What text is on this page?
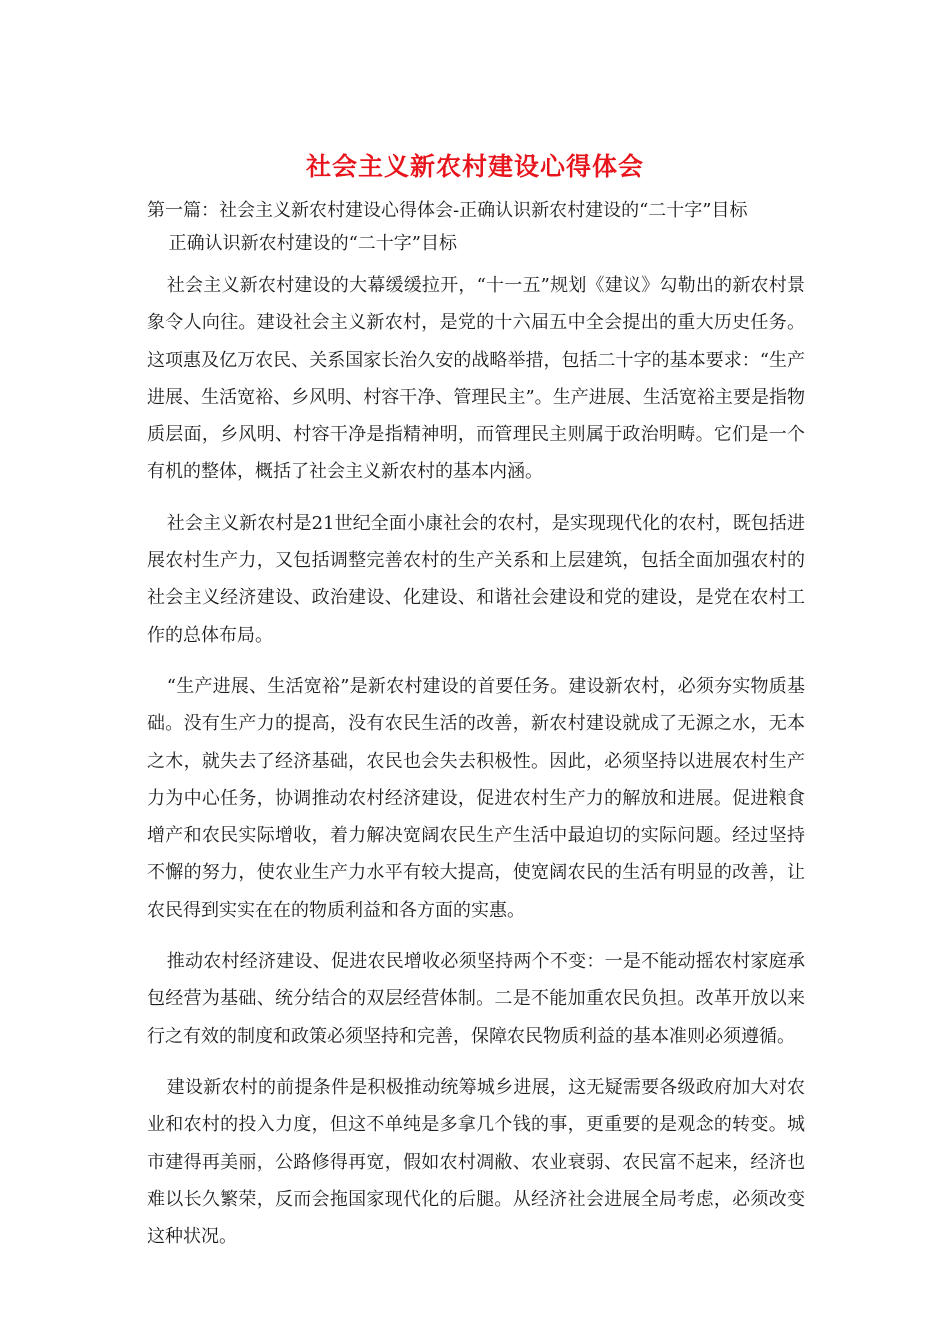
社会主义新农村建设心得体会

第一篇：社会主义新农村建设心得体会-正确认识新农村建设的“二十字”目标

正确认识新农村建设的“二十字”目标

社会主义新农村建设的大幕缓缓拉开，“十一五”规划《建议》勾勒出的新农村景象令人向往。建设社会主义新农村，是党的十六届五中全会提出的重大历史任务。这项惠及亿万农民、关系国家长治久安的战略举措，包括二十字的基本要求：“生产进展、生活宽裕、乡风明、村容干净、管理民主”。生产进展、生活宽裕主要是指物质层面，乡风明、村容干净是指精神明，而管理民主则属于政治明畴。它们是一个有机的整体，概括了社会主义新农村的基本内涵。

社会主义新农村是21世纪全面小康社会的农村，是实现现代化的农村，既包括进展农村生产力，又包括调整完善农村的生产关系和上层建筑，包括全面加强农村的社会主义经济建设、政治建设、化建设、和谐社会建设和党的建设，是党在农村工作的总体布局。

“生产进展、生活宽裕”是新农村建设的首要任务。建设新农村，必须夯实物质基础。没有生产力的提高，没有农民生活的改善，新农村建设就成了无源之水，无本之木，就失去了经济基础，农民也会失去积极性。因此，必须坚持以进展农村生产力为中心任务，协调推动农村经济建设，促进农村生产力的解放和进展。促进粮食增产和农民实际增收，着力解决宽阔农民生产生活中最迫切的实际问题。经过坚持不懈的努力，使农业生产力水平有较大提高，使宽阔农民的生活有明显的改善，让农民得到实实在在的物质利益和各方面的实惠。

推动农村经济建设、促进农民增收必须坚持两个不变：一是不能动摇农村家庭承包经营为基础、统分结合的双层经营体制。二是不能加重农民负担。改革开放以来行之有效的制度和政策必须坚持和完善，保障农民物质利益的基本准则必须遵循。

建设新农村的前提条件是积极推动统筹城乡进展，这无疑需要各级政府加大对农业和农村的投入力度，但这不单纯是多拿几个钱的事，更重要的是观念的转变。城市建得再美丽，公路修得再宽，假如农村凋敝、农业衰弱、农民富不起来，经济也难以长久繁荣，反而会拖国家现代化的后腿。从经济社会进展全局考虑，必须改变这种状况。
